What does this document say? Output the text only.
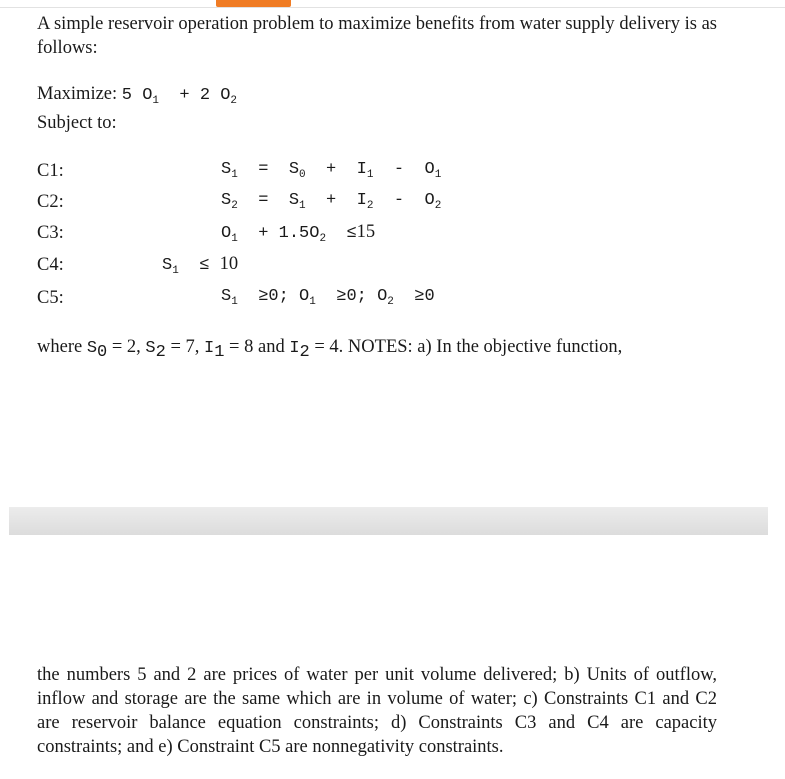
A simple reservoir operation problem to maximize benefits from water supply delivery is as follows:
Maximize: 5 $O_1 + 2$ $O_2$
Subject to:
C1:	$S_1 = S_0 + I_1 - O_1$
C2:	$S_2 = S_1 + I_2 - O_2$
C3:	$O_1 + 1.5O_2 \le 15$
C4:	$S_1 \le 10$
C5:	$S_1 \ge 0$; $O_1 \ge 0$; $O_2 \ge 0$
where $S_0 = 2$, $S_2 = 7$, $I_1 = 8$ and $I_2 = 4$. NOTES: a) In the objective function,
the numbers 5 and 2 are prices of water per unit volume delivered; b) Units of outflow, inflow and storage are the same which are in volume of water; c) Constraints C1 and C2 are reservoir balance equation constraints; d) Constraints C3 and C4 are capacity constraints; and e) Constraint C5 are nonnegativity constraints.
